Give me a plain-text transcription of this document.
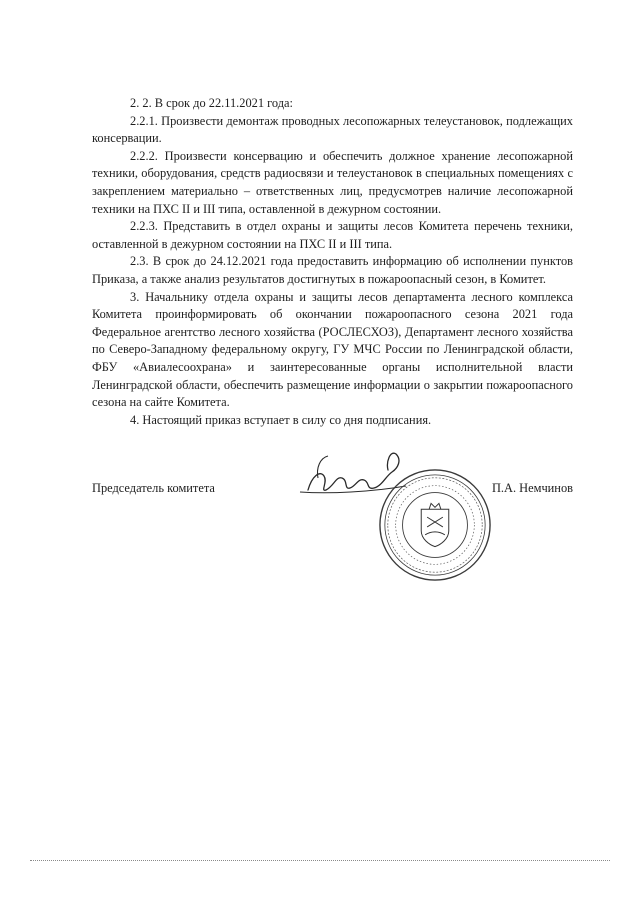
2. 2. В срок до 22.11.2021 года:

2.2.1. Произвести демонтаж проводных лесопожарных телеустановок, подлежащих консервации.

2.2.2. Произвести консервацию и обеспечить должное хранение лесопожарной техники, оборудования, средств радиосвязи и телеустановок в специальных помещениях с закреплением материально – ответственных лиц, предусмотрев наличие лесопожарной техники на ПХС II и III типа, оставленной в дежурном состоянии.

2.2.3. Представить в отдел охраны и защиты лесов Комитета перечень техники, оставленной в дежурном состоянии на ПХС II и III типа.

2.3. В срок до 24.12.2021 года предоставить информацию об исполнении пунктов Приказа, а также анализ результатов достигнутых в пожароопасный сезон, в Комитет.

3. Начальнику отдела охраны и защиты лесов департамента лесного комплекса Комитета проинформировать об окончании пожароопасного сезона 2021 года Федеральное агентство лесного хозяйства (РОСЛЕСХОЗ), Департамент лесного хозяйства по Северо-Западному федеральному округу, ГУ МЧС России по Ленинградской области, ФБУ «Авиалесоохрана» и заинтересованные органы исполнительной власти Ленинградской области, обеспечить размещение информации о закрытии пожароопасного сезона на сайте Комитета.

4. Настоящий приказ вступает в силу со дня подписания.

Председатель комитета	П.А. Немчинов
